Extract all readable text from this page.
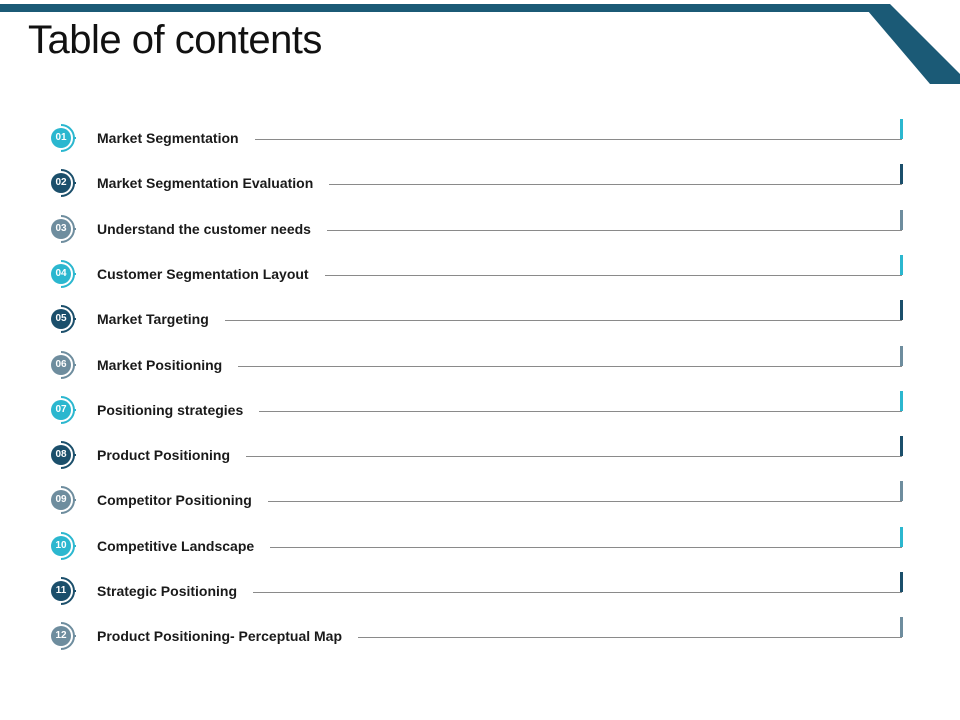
Table of contents
01	Market Segmentation
02	Market Segmentation Evaluation
03	Understand the customer needs
04	Customer Segmentation Layout
05	Market Targeting
06	Market Positioning
07	Positioning strategies
08	Product Positioning
09	Competitor Positioning
10	Competitive Landscape
11	Strategic Positioning
12	Product Positioning- Perceptual Map
